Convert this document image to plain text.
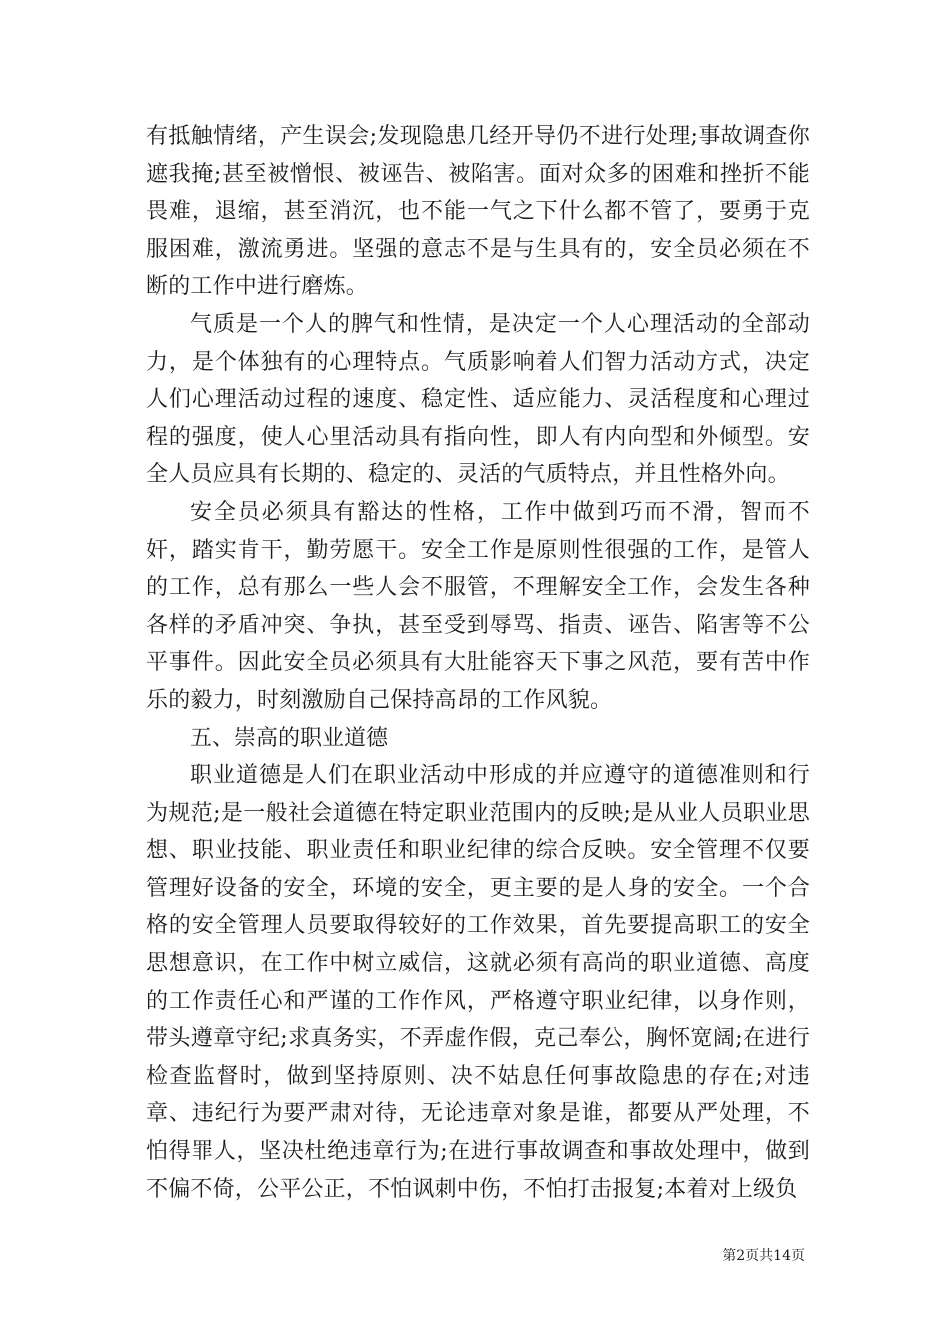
有抵触情绪，产生误会;发现隐患几经开导仍不进行处理;事故调查你遮我掩;甚至被憎恨、被诬告、被陷害。面对众多的困难和挫折不能畏难，退缩，甚至消沉，也不能一气之下什么都不管了，要勇于克服困难，激流勇进。坚强的意志不是与生具有的，安全员必须在不断的工作中进行磨炼。

气质是一个人的脾气和性情，是决定一个人心理活动的全部动力，是个体独有的心理特点。气质影响着人们智力活动方式，决定人们心理活动过程的速度、稳定性、适应能力、灵活程度和心理过程的强度，使人心里活动具有指向性，即人有内向型和外倾型。安全人员应具有长期的、稳定的、灵活的气质特点，并且性格外向。

安全员必须具有豁达的性格，工作中做到巧而不滑，智而不奸，踏实肯干，勤劳愿干。安全工作是原则性很强的工作，是管人的工作，总有那么一些人会不服管，不理解安全工作，会发生各种各样的矛盾冲突、争执，甚至受到辱骂、指责、诬告、陷害等不公平事件。因此安全员必须具有大肚能容天下事之风范，要有苦中作乐的毅力，时刻激励自己保持高昂的工作风貌。

五、崇高的职业道德

职业道德是人们在职业活动中形成的并应遵守的道德准则和行为规范;是一般社会道德在特定职业范围内的反映;是从业人员职业思想、职业技能、职业责任和职业纪律的综合反映。安全管理不仅要管理好设备的安全，环境的安全，更主要的是人身的安全。一个合格的安全管理人员要取得较好的工作效果，首先要提高职工的安全思想意识，在工作中树立威信，这就必须有高尚的职业道德、高度的工作责任心和严谨的工作作风，严格遵守职业纪律，以身作则，带头遵章守纪;求真务实，不弄虚作假，克己奉公，胸怀宽阔;在进行检查监督时，做到坚持原则、决不姑息任何事故隐患的存在;对违章、违纪行为要严肃对待，无论违章对象是谁，都要从严处理，不怕得罪人，坚决杜绝违章行为;在进行事故调查和事故处理中，做到不偏不倚，公平公正，不怕讽刺中伤，不怕打击报复;本着对上级负

第2页共14页
